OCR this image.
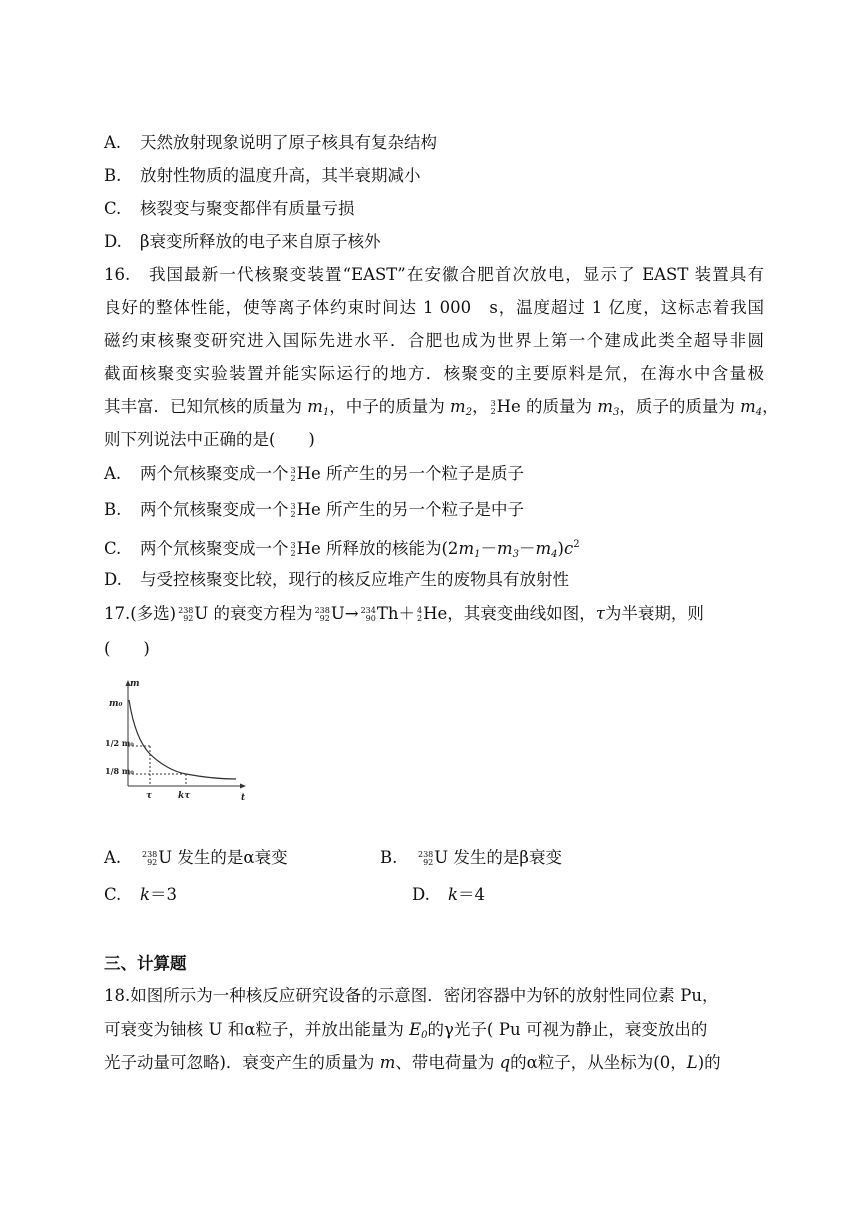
A. 天然放射现象说明了原子核具有复杂结构
B. 放射性物质的温度升高，其半衰期减小
C. 核裂变与聚变都伴有质量亏损
D. β衰变所释放的电子来自原子核外
16.　我国最新一代核聚变装置“EAST”在安徽合肥首次放电，显示了 EAST 装置具有
良好的整体性能，使等离子体约束时间达 1 000　s，温度超过 1 亿度，这标志着我国
磁约束核聚变研究进入国际先进水平．合肥也成为世界上第一个建成此类全超导非圆
截面核聚变实验装置并能实际运行的地方．核聚变的主要原料是氘，在海水中含量极
其丰富．已知氘核的质量为 $m_1$，中子的质量为 $m_2$， 3
2 He 的质量为 $m_3$，质子的质量为 $m_4$，
则下列说法中正确的是(　　)
A. 两个氘核聚变成一个 3
2 He 所产生的另一个粒子是质子
B. 两个氘核聚变成一个 3
2 He 所产生的另一个粒子是中子
C. 两个氘核聚变成一个 3
2 He 所释放的核能为$(2m_1-m_3-m_4)c^2$
D. 与受控核聚变比较，现行的核反应堆产生的废物具有放射性
17.(多选) 238
92 U 的衰变方程为 238
92 U→ 234
90 Th＋ 4
2 He，其衰变曲线如图，τ为半衰期，则
(　　)
m
t
m₀
1/2 m₀
1/8 m₀
τ	kτ
A.	238
92 U 发生的是α衰变	B.	238
92 U 发生的是β衰变
C. k＝3	D. k＝4
三、计算题
18.如图所示为一种核反应研究设备的示意图．密闭容器中为钚的放射性同位素

Pu，
可衰变为铀核

U 和α粒子，并放出能量为 $E_0$的γ光子(

Pu 可视为静止，衰变放出的
光子动量可忽略)．衰变产生的质量为 m、带电荷量为 q的α粒子，从坐标为(0，L)的
